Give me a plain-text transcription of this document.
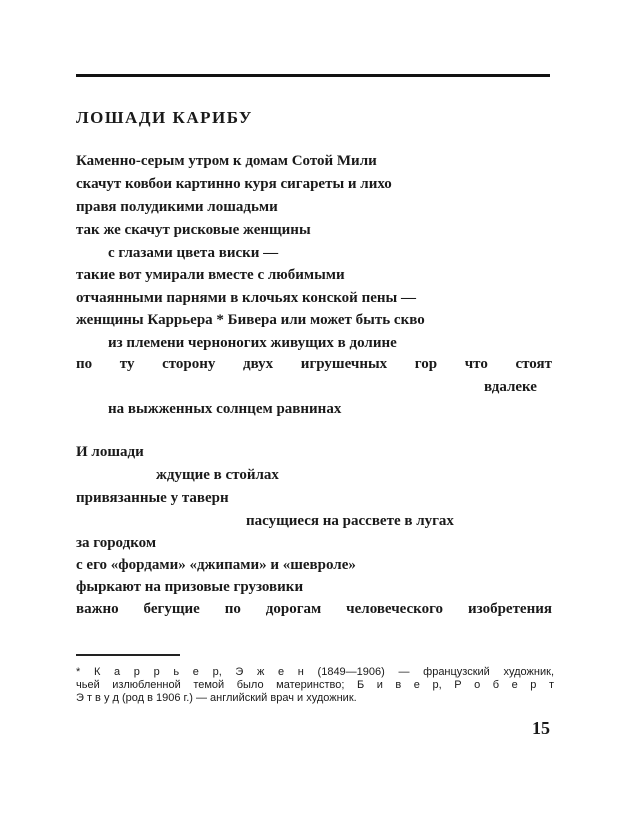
ЛОШАДИ КАРИБУ
Каменно-серым утром к домам Сотой Мили
скачут ковбои картинно куря сигареты и лихо
правя полудикими лошадьми
так же скачут рисковые женщины
с глазами цвета виски —
такие вот умирали вместе с любимыми
отчаянными парнями в клочьях конской пены —
женщины Каррьера * Бивера или может быть скво
из племени черноногих живущих в долине
по ту сторону двух игрушечных гор что стоят
вдалеке
на выжженных солнцем равнинах
И лошади
ждущие в стойлах
привязанные у таверн
пасущиеся на рассвете в лугах
за городком
с его «фордами» «джипами» и «шевроле»
фыркают на призовые грузовики
важно бегущие по дорогам человеческого изобретения
* К а р р ь е р, Э ж е н (1849—1906) — французский художник,
чьей излюбленной темой было материнство; Б и в е р, Р о б е р т
Э т в у д (род в 1906 г.) — английский врач и художник.
15
